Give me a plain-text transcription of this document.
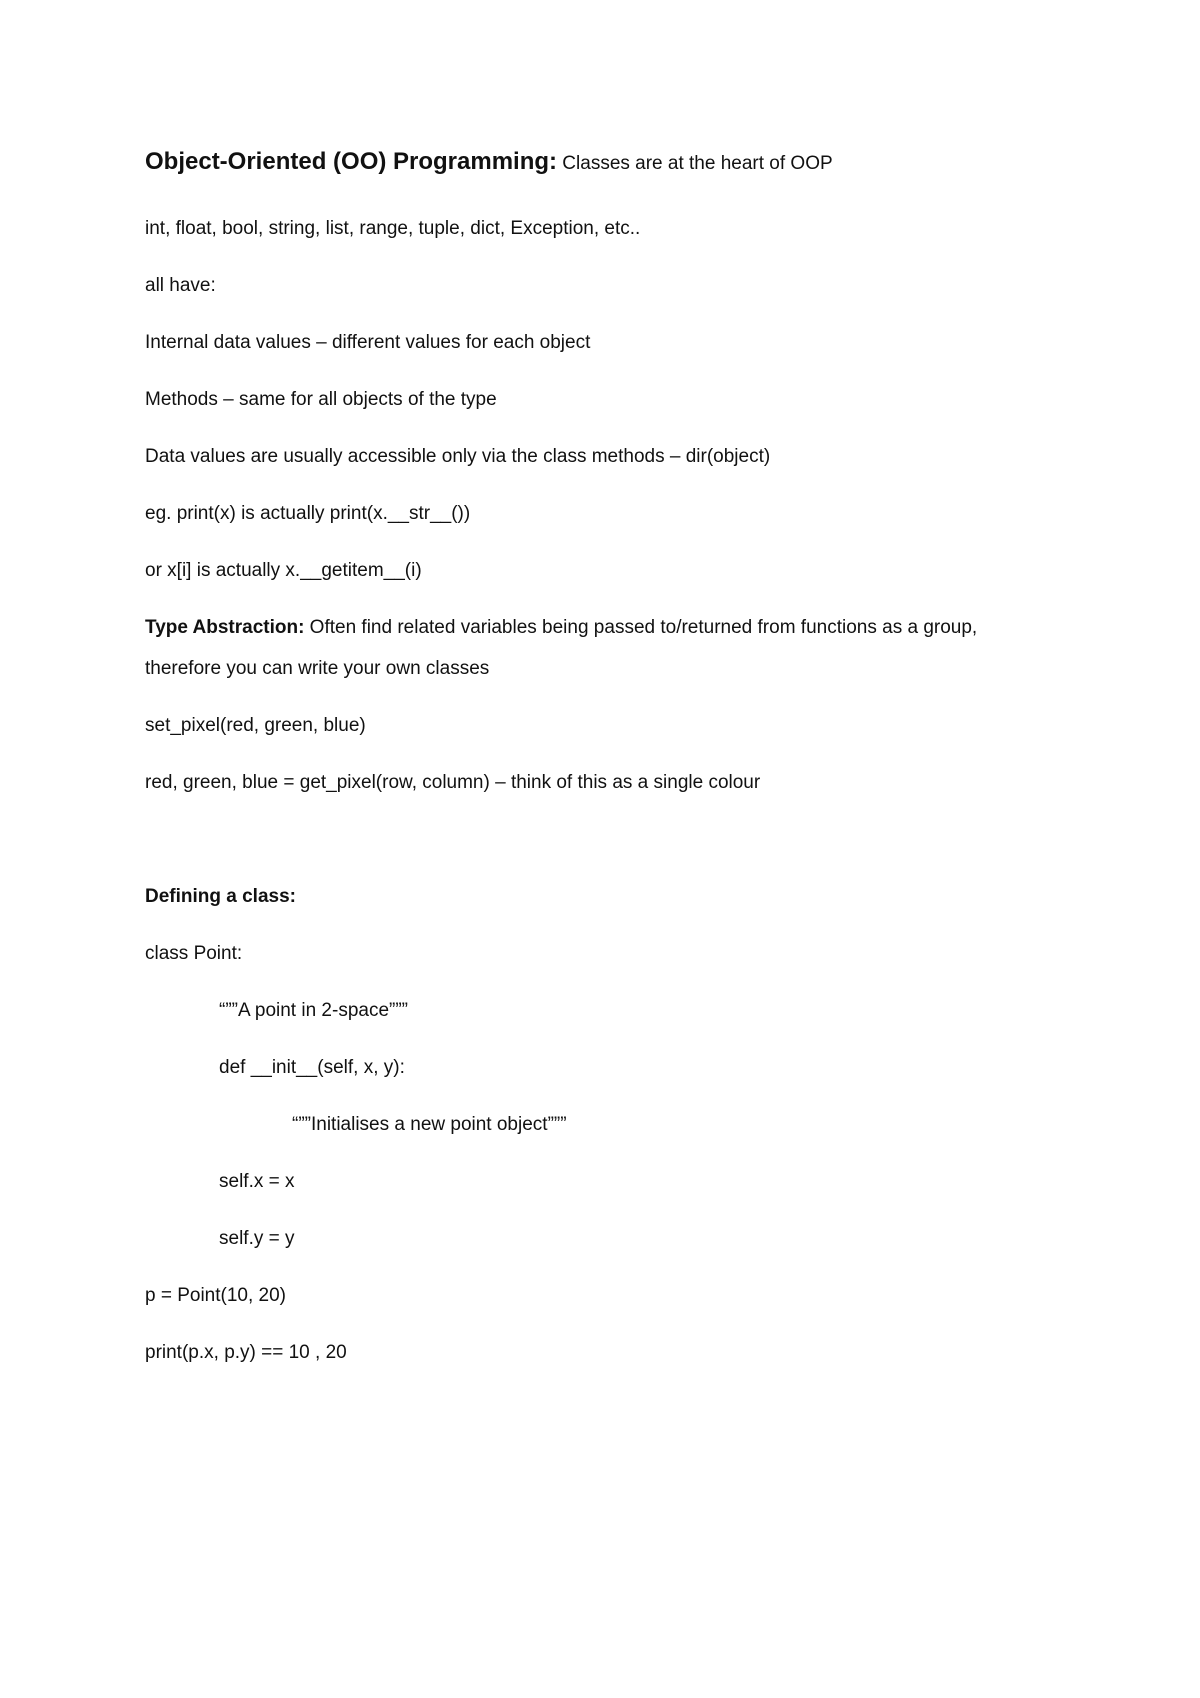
Object-Oriented (OO) Programming: Classes are at the heart of OOP
int, float, bool, string, list, range, tuple, dict, Exception, etc..
all have:
Internal data values – different values for each object
Methods – same for all objects of the type
Data values are usually accessible only via the class methods – dir(object)
eg. print(x) is actually print(x.__str__())
or x[i] is actually x.__getitem__(i)
Type Abstraction: Often find related variables being passed to/returned from functions as a group,
therefore you can write your own classes
set_pixel(red, green, blue)
red, green, blue = get_pixel(row, column) – think of this as a single colour
Defining a class:
class Point:
“””A point in 2-space”””
def __init__(self, x, y):
“””Initialises a new point object”””
self.x = x
self.y = y
p = Point(10, 20)
print(p.x, p.y) == 10 , 20
